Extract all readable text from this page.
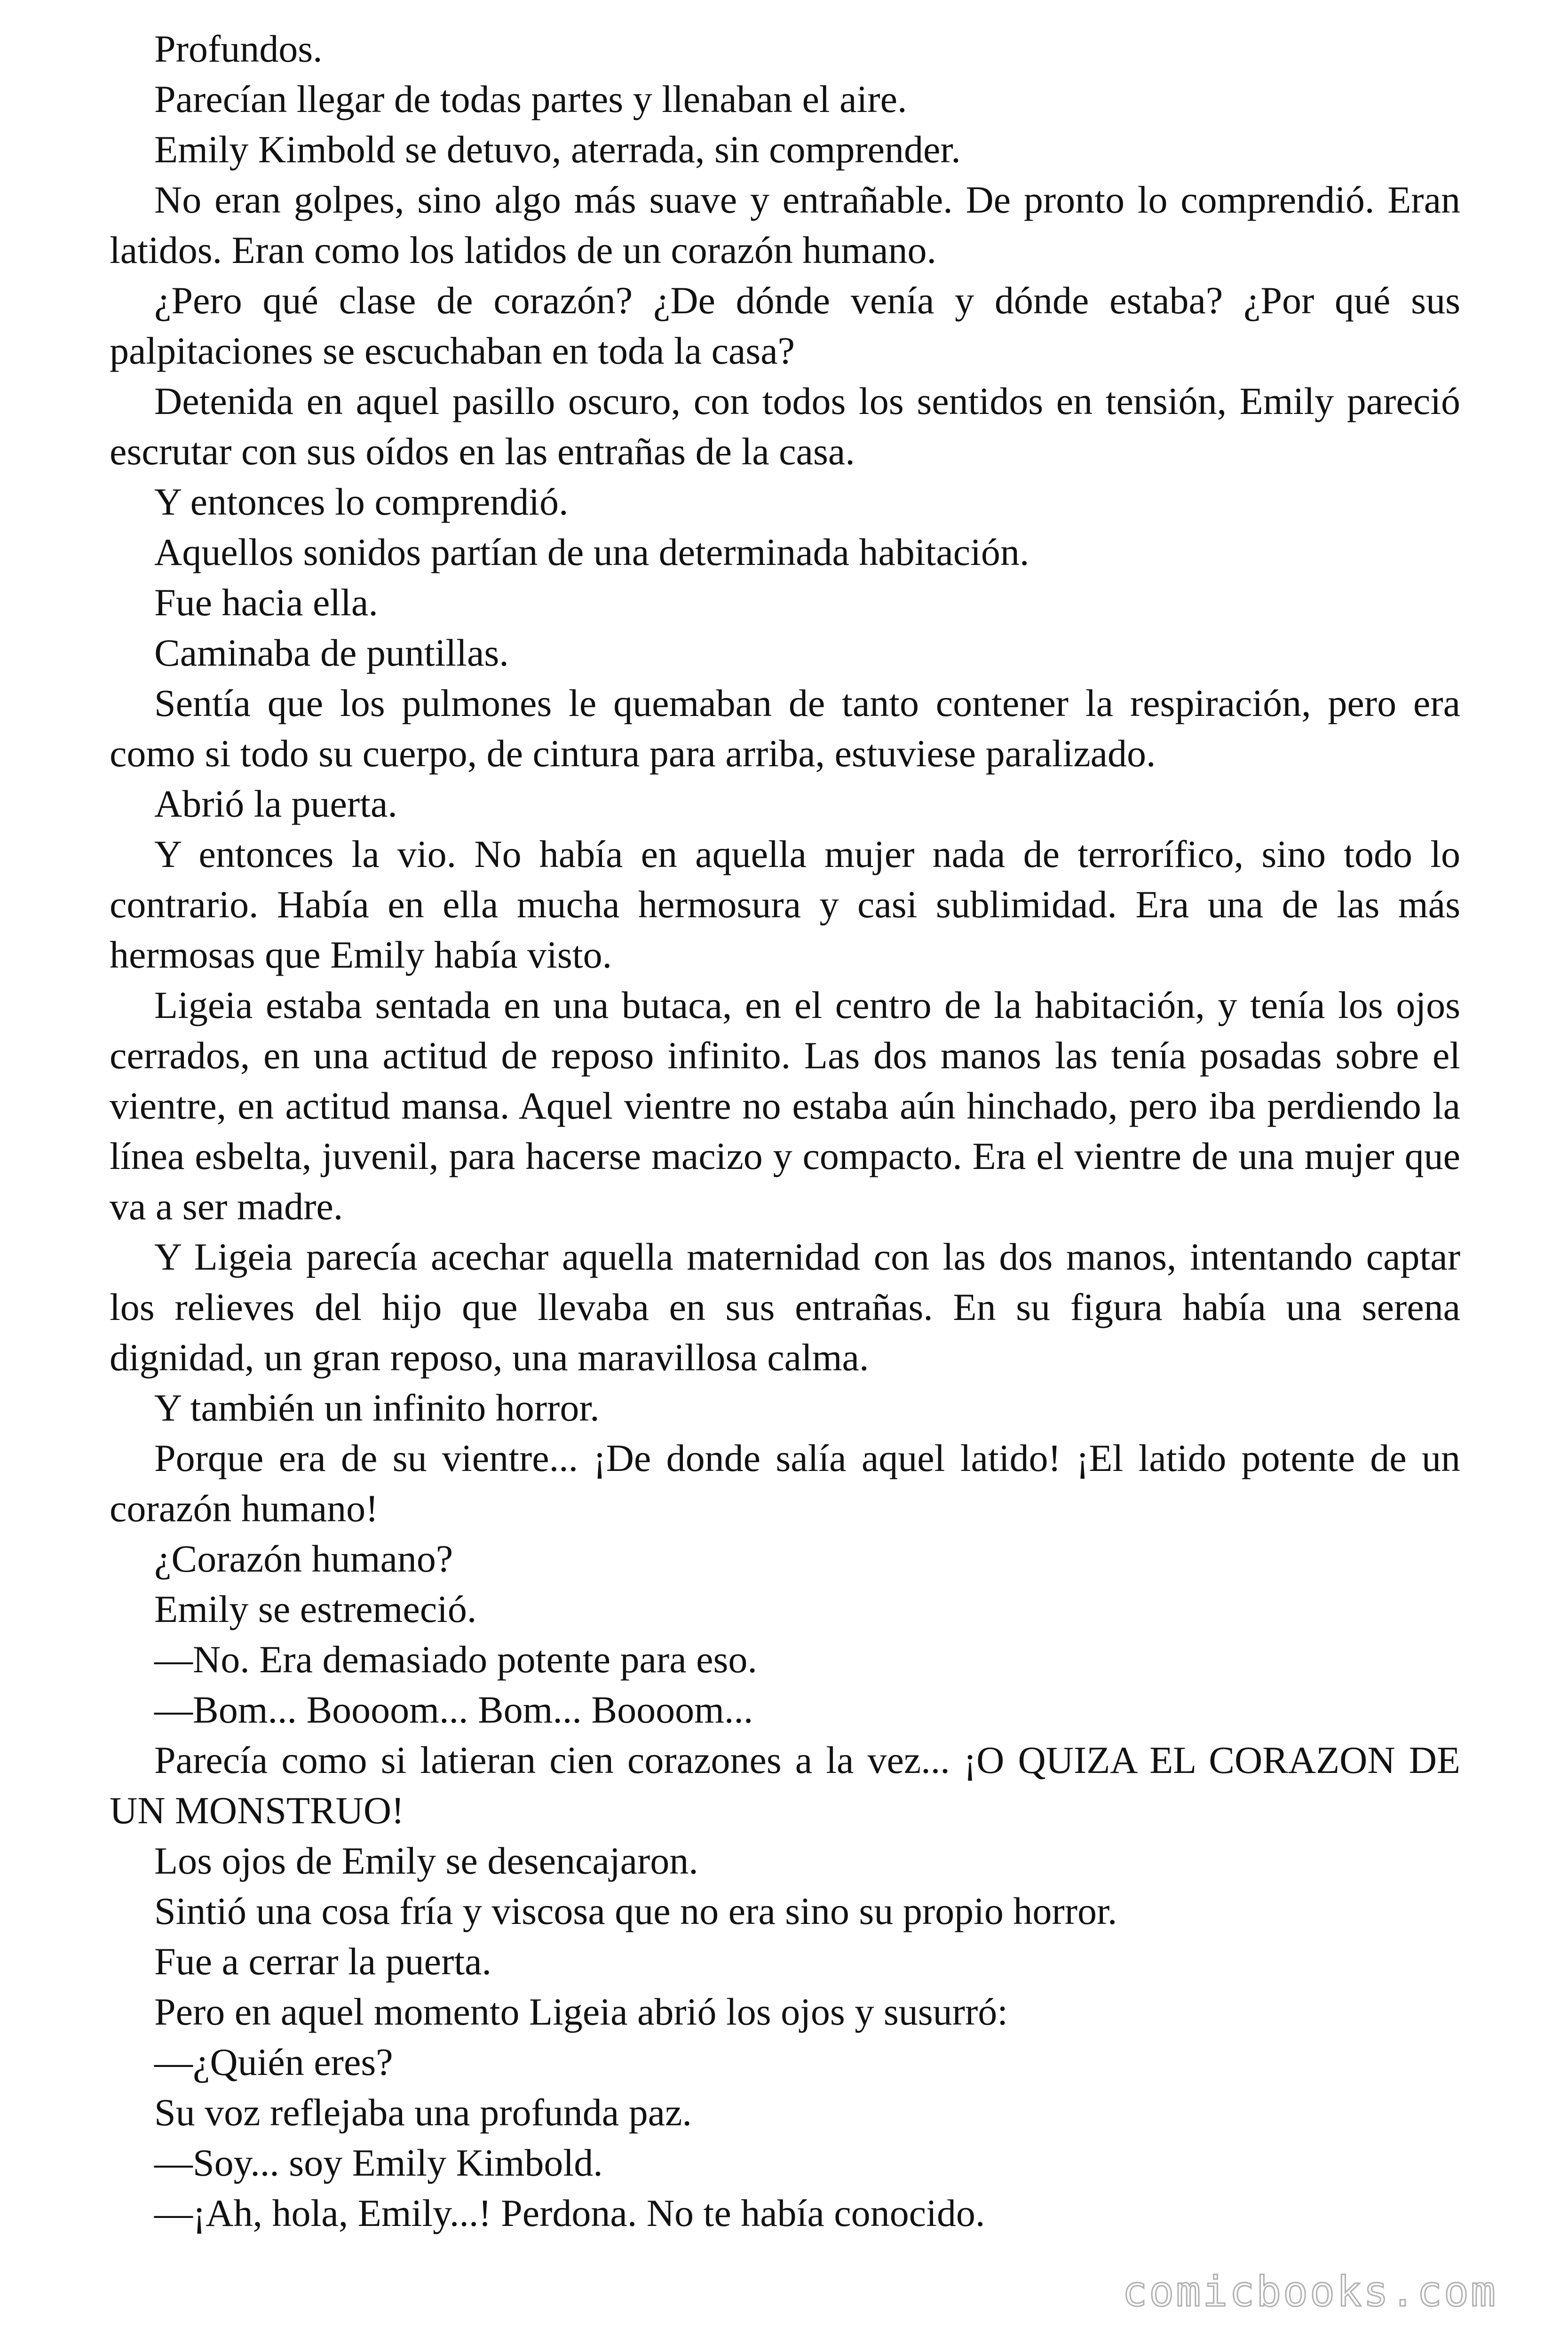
Profundos.

Parecían llegar de todas partes y llenaban el aire.

Emily Kimbold se detuvo, aterrada, sin comprender.

No eran golpes, sino algo más suave y entrañable. De pronto lo comprendió. Eran latidos. Eran como los latidos de un corazón humano.

¿Pero qué clase de corazón? ¿De dónde venía y dónde estaba? ¿Por qué sus palpitaciones se escuchaban en toda la casa?

Detenida en aquel pasillo oscuro, con todos los sentidos en tensión, Emily pareció escrutar con sus oídos en las entrañas de la casa.

Y entonces lo comprendió.

Aquellos sonidos partían de una determinada habitación.

Fue hacia ella.

Caminaba de puntillas.

Sentía que los pulmones le quemaban de tanto contener la respiración, pero era como si todo su cuerpo, de cintura para arriba, estuviese paralizado.

Abrió la puerta.

Y entonces la vio. No había en aquella mujer nada de terrorífico, sino todo lo contrario. Había en ella mucha hermosura y casi sublimidad. Era una de las más hermosas que Emily había visto.

Ligeia estaba sentada en una butaca, en el centro de la habitación, y tenía los ojos cerrados, en una actitud de reposo infinito. Las dos manos las tenía posadas sobre el vientre, en actitud mansa. Aquel vientre no estaba aún hinchado, pero iba perdiendo la línea esbelta, juvenil, para hacerse macizo y compacto. Era el vientre de una mujer que va a ser madre.

Y Ligeia parecía acechar aquella maternidad con las dos manos, intentando captar los relieves del hijo que llevaba en sus entrañas. En su figura había una serena dignidad, un gran reposo, una maravillosa calma.

Y también un infinito horror.

Porque era de su vientre... ¡De donde salía aquel latido! ¡El latido potente de un corazón humano!

¿Corazón humano?

Emily se estremeció.

—No. Era demasiado potente para eso.

—Bom... Boooom... Bom... Boooom...

Parecía como si latieran cien corazones a la vez... ¡O QUIZA EL CORAZON DE UN MONSTRUO!

Los ojos de Emily se desencajaron.

Sintió una cosa fría y viscosa que no era sino su propio horror.

Fue a cerrar la puerta.

Pero en aquel momento Ligeia abrió los ojos y susurró:

—¿Quién eres?

Su voz reflejaba una profunda paz.

—Soy... soy Emily Kimbold.

—¡Ah, hola, Emily...! Perdona. No te había conocido.

comicbooks.com
